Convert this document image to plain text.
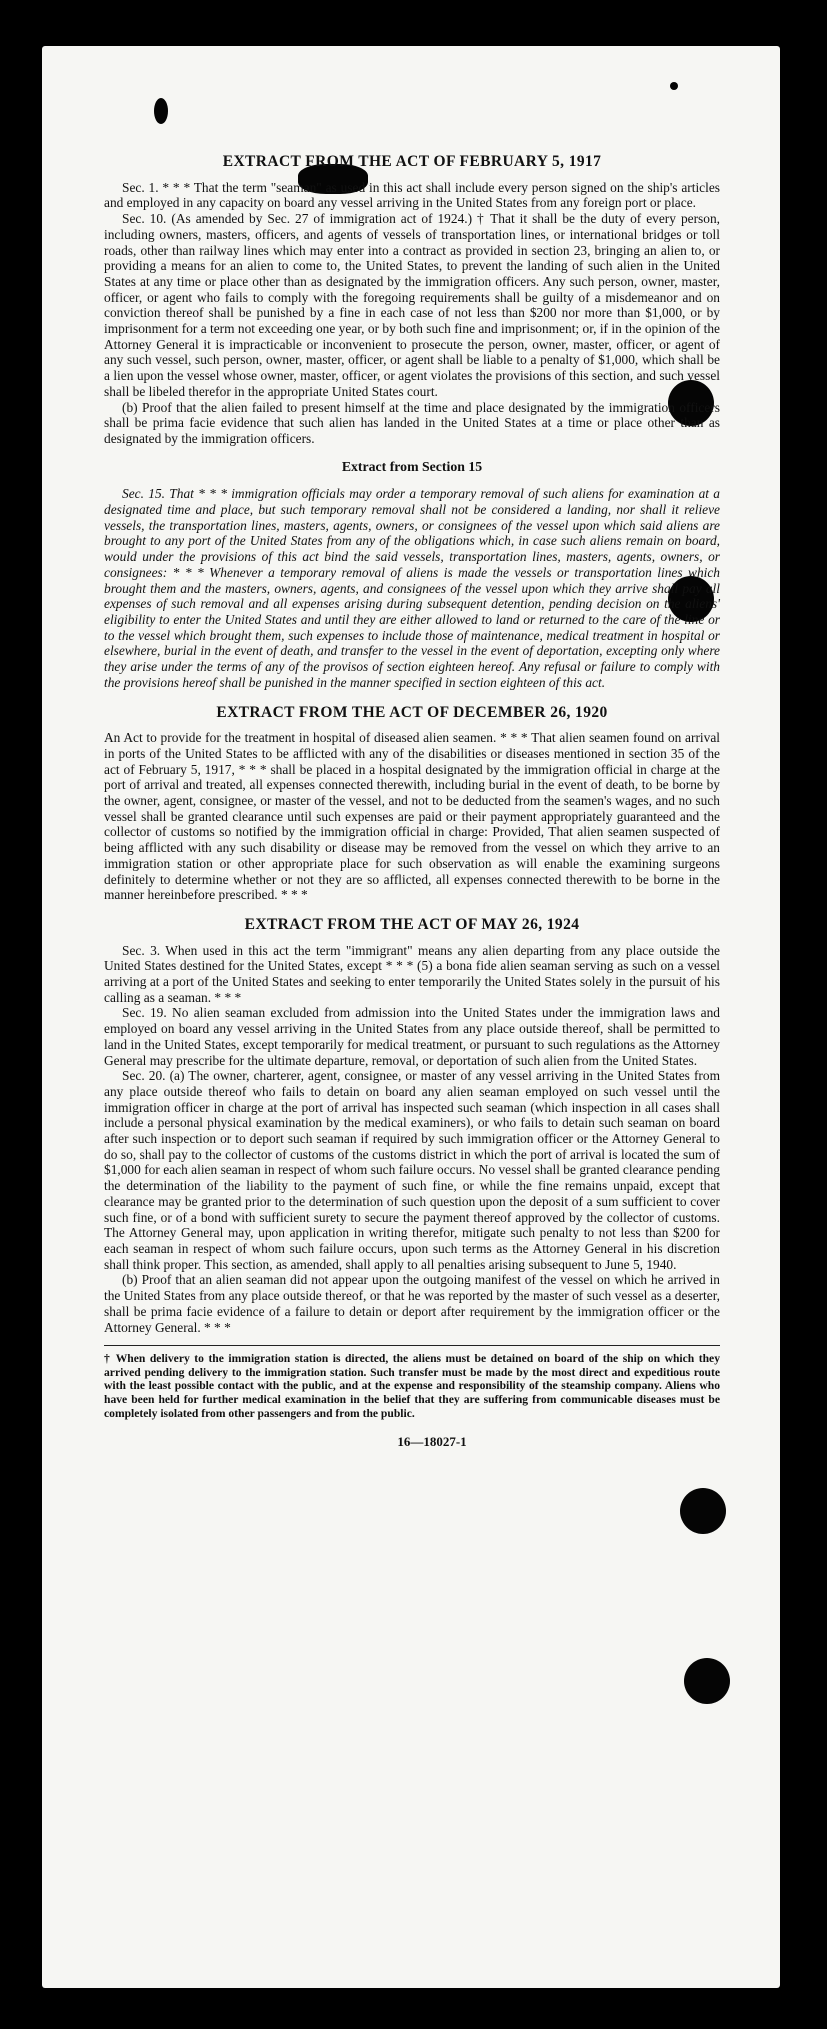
EXTRACT FROM THE ACT OF FEBRUARY 5, 1917

Sec. 1. * * * That the term "seaman" as used in this act shall include every person signed on the ship's articles and employed in any capacity on board any vessel arriving in the United States from any foreign port or place.

Sec. 10. (As amended by Sec. 27 of immigration act of 1924.) † That it shall be the duty of every person, including owners, masters, officers, and agents of vessels of transportation lines, or international bridges or toll roads, other than railway lines which may enter into a contract as provided in section 23, bringing an alien to, or providing a means for an alien to come to, the United States, to prevent the landing of such alien in the United States at any time or place other than as designated by the immigration officers. Any such person, owner, master, officer, or agent who fails to comply with the foregoing requirements shall be guilty of a misdemeanor and on conviction thereof shall be punished by a fine in each case of not less than $200 nor more than $1,000, or by imprisonment for a term not exceeding one year, or by both such fine and imprisonment; or, if in the opinion of the Attorney General it is impracticable or inconvenient to prosecute the person, owner, master, officer, or agent of any such vessel, such person, owner, master, officer, or agent shall be liable to a penalty of $1,000, which shall be a lien upon the vessel whose owner, master, officer, or agent violates the provisions of this section, and such vessel shall be libeled therefor in the appropriate United States court.

(b) Proof that the alien failed to present himself at the time and place designated by the immigration officers shall be prima facie evidence that such alien has landed in the United States at a time or place other than as designated by the immigration officers.

Extract from Section 15

Sec. 15. That * * * immigration officials may order a temporary removal of such aliens for examination at a designated time and place, but such temporary removal shall not be considered a landing, nor shall it relieve vessels, the transportation lines, masters, agents, owners, or consignees of the vessel upon which said aliens are brought to any port of the United States from any of the obligations which, in case such aliens remain on board, would under the provisions of this act bind the said vessels, transportation lines, masters, agents, owners, or consignees: * * * Whenever a temporary removal of aliens is made the vessels or transportation lines which brought them and the masters, owners, agents, and consignees of the vessel upon which they arrive shall pay all expenses of such removal and all expenses arising during subsequent detention, pending decision on the aliens' eligibility to enter the United States and until they are either allowed to land or returned to the care of the line or to the vessel which brought them, such expenses to include those of maintenance, medical treatment in hospital or elsewhere, burial in the event of death, and transfer to the vessel in the event of deportation, excepting only where they arise under the terms of any of the provisos of section eighteen hereof. Any refusal or failure to comply with the provisions hereof shall be punished in the manner specified in section eighteen of this act.

EXTRACT FROM THE ACT OF DECEMBER 26, 1920

An Act to provide for the treatment in hospital of diseased alien seamen. * * * That alien seamen found on arrival in ports of the United States to be afflicted with any of the disabilities or diseases mentioned in section 35 of the act of February 5, 1917, * * * shall be placed in a hospital designated by the immigration official in charge at the port of arrival and treated, all expenses connected therewith, including burial in the event of death, to be borne by the owner, agent, consignee, or master of the vessel, and not to be deducted from the seamen's wages, and no such vessel shall be granted clearance until such expenses are paid or their payment appropriately guaranteed and the collector of customs so notified by the immigration official in charge: Provided, That alien seamen suspected of being afflicted with any such disability or disease may be removed from the vessel on which they arrive to an immigration station or other appropriate place for such observation as will enable the examining surgeons definitely to determine whether or not they are so afflicted, all expenses connected therewith to be borne in the manner hereinbefore prescribed. * * *

EXTRACT FROM THE ACT OF MAY 26, 1924

Sec. 3. When used in this act the term "immigrant" means any alien departing from any place outside the United States destined for the United States, except * * * (5) a bona fide alien seaman serving as such on a vessel arriving at a port of the United States and seeking to enter temporarily the United States solely in the pursuit of his calling as a seaman. * * *

Sec. 19. No alien seaman excluded from admission into the United States under the immigration laws and employed on board any vessel arriving in the United States from any place outside thereof, shall be permitted to land in the United States, except temporarily for medical treatment, or pursuant to such regulations as the Attorney General may prescribe for the ultimate departure, removal, or deportation of such alien from the United States.

Sec. 20. (a) The owner, charterer, agent, consignee, or master of any vessel arriving in the United States from any place outside thereof who fails to detain on board any alien seaman employed on such vessel until the immigration officer in charge at the port of arrival has inspected such seaman (which inspection in all cases shall include a personal physical examination by the medical examiners), or who fails to detain such seaman on board after such inspection or to deport such seaman if required by such immigration officer or the Attorney General to do so, shall pay to the collector of customs of the customs district in which the port of arrival is located the sum of $1,000 for each alien seaman in respect of whom such failure occurs. No vessel shall be granted clearance pending the determination of the liability to the payment of such fine, or while the fine remains unpaid, except that clearance may be granted prior to the determination of such question upon the deposit of a sum sufficient to cover such fine, or of a bond with sufficient surety to secure the payment thereof approved by the collector of customs. The Attorney General may, upon application in writing therefor, mitigate such penalty to not less than $200 for each seaman in respect of whom such failure occurs, upon such terms as the Attorney General in his discretion shall think proper. This section, as amended, shall apply to all penalties arising subsequent to June 5, 1940.

(b) Proof that an alien seaman did not appear upon the outgoing manifest of the vessel on which he arrived in the United States from any place outside thereof, or that he was reported by the master of such vessel as a deserter, shall be prima facie evidence of a failure to detain or deport after requirement by the immigration officer or the Attorney General. * * *

† When delivery to the immigration station is directed, the aliens must be detained on board of the ship on which they arrived pending delivery to the immigration station. Such transfer must be made by the most direct and expeditious route with the least possible contact with the public, and at the expense and responsibility of the steamship company. Aliens who have been held for further medical examination in the belief that they are suffering from communicable diseases must be completely isolated from other passengers and from the public.
16—18027-1
